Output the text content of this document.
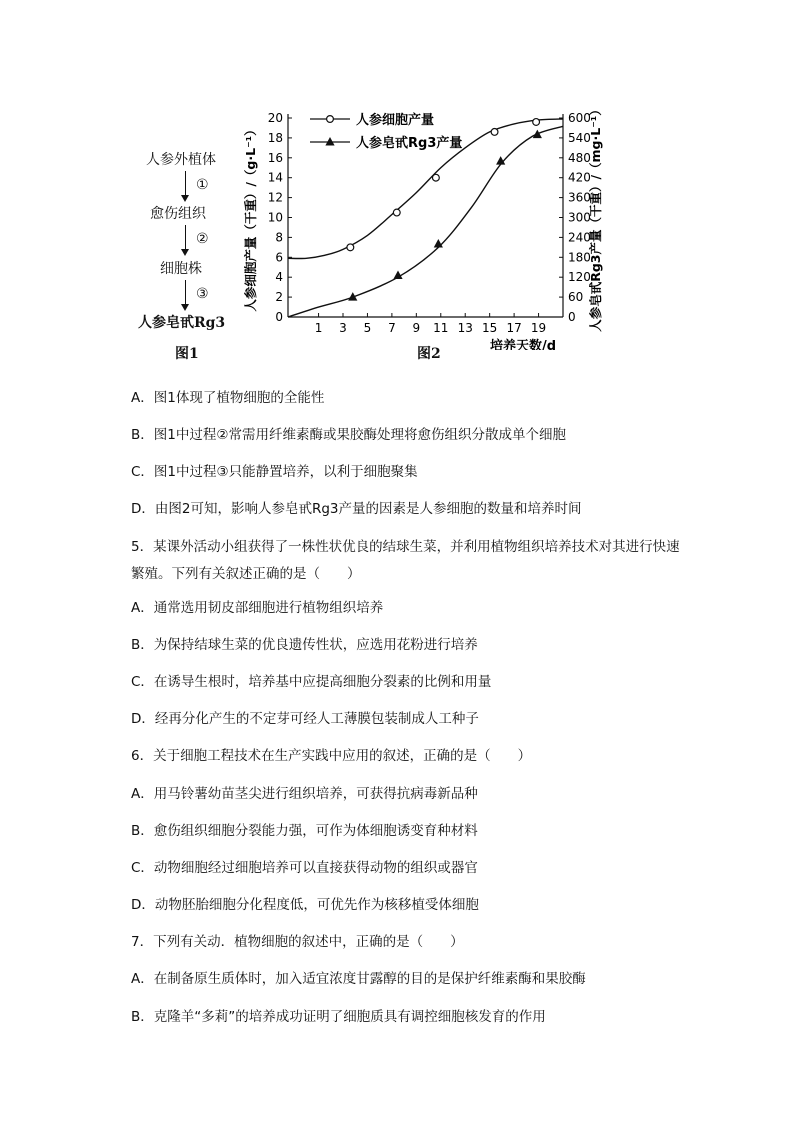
人参外植体
①
愈伤组织
②
细胞株
③
人参皂甙Rg3
图1
0
2
4
6
8
10
12
14
16
18
20
0
60
120
180
240
300
360
420
480
540
600
1 3 5 7 9 11 13 15 17 19
培养天数/d
人参细胞产量（干重）/（g·L⁻¹）	人参皂甙Rg3产量（干重）/（mg·L⁻¹）
人参细胞产量
人参皂甙Rg3产量
图2
A．图1体现了植物细胞的全能性
B．图1中过程②常需用纤维素酶或果胶酶处理将愈伤组织分散成单个细胞
C．图1中过程③只能静置培养，以利于细胞聚集
D．由图2可知，影响人参皂甙Rg3产量的因素是人参细胞的数量和培养时间
5．某课外活动小组获得了一株性状优良的结球生菜，并利用植物组织培养技术对其进行快速繁殖。下列有关叙述正确的是（　　）
A．通常选用韧皮部细胞进行植物组织培养
B．为保持结球生菜的优良遗传性状，应选用花粉进行培养
C．在诱导生根时，培养基中应提高细胞分裂素的比例和用量
D．经再分化产生的不定芽可经人工薄膜包装制成人工种子
6．关于细胞工程技术在生产实践中应用的叙述，正确的是（　　）
A．用马铃薯幼苗茎尖进行组织培养，可获得抗病毒新品种
B．愈伤组织细胞分裂能力强，可作为体细胞诱变育种材料
C．动物细胞经过细胞培养可以直接获得动物的组织或器官
D．动物胚胎细胞分化程度低，可优先作为核移植受体细胞
7．下列有关动．植物细胞的叙述中，正确的是（　　）
A．在制备原生质体时，加入适宜浓度甘露醇的目的是保护纤维素酶和果胶酶
B．克隆羊“多莉”的培养成功证明了细胞质具有调控细胞核发育的作用
